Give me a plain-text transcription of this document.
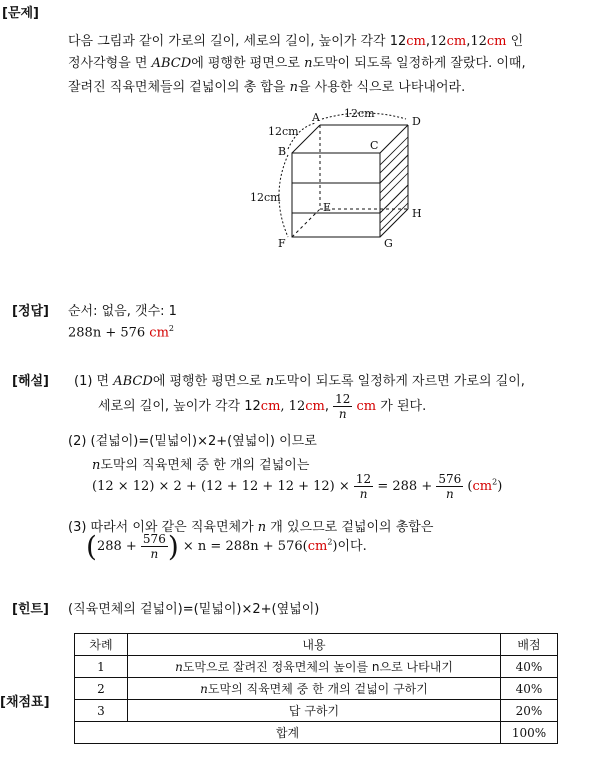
[문제]
다음 그림과 같이 가로의 길이, 세로의 길이, 높이가 각각 12cm,12cm,12cm 인
정사각형을 면 ABCD에 평행한 평면으로 n도막이 되도록 일정하게 잘랐다. 이때,
잘려진 직육면체들의 겉넓이의 총 합을 n을 사용한 식으로 나타내어라.
A
B	C
D
E
F	G
H
12cm
12cm
12cm
[정답] 순서: 없음, 갯수: 1
288n + 576 $cm^2$
[해설] (1) 면 ABCD에 평행한 평면으로 n도막이 되도록 일정하게 자르면 가로의 길이,
세로의 길이, 높이가 각각 12cm, 12cm, $\frac{12}{n}$ cm 가 된다.
(2) (겉넓이)=(밑넓이)×2+(옆넓이) 이므로
n도막의 직육면체 중 한 개의 겉넓이는
$(12 \times 12) \times 2 + (12 + 12 + 12 + 12) \times \frac{12}{n} = 288 + \frac{576}{n} (cm^2)$
(3) 따라서 이와 같은 직육면체가 n 개 있으므로 겉넓이의 총합은
($288 + \frac{576}{n}$ ) × $n = 288n + 576(cm^2)$이다.
[힌트] (직육면체의 겉넓이)=(밑넓이)×2+(옆넓이)
[채점표]
차례	내용	배점
1	n도막으로 잘려진 정육면체의 높이를 n으로 나타내기	40%
2	n도막의 직육면체 중 한 개의 겉넓이 구하기	40%
3	답 구하기	20%
합계		100%
